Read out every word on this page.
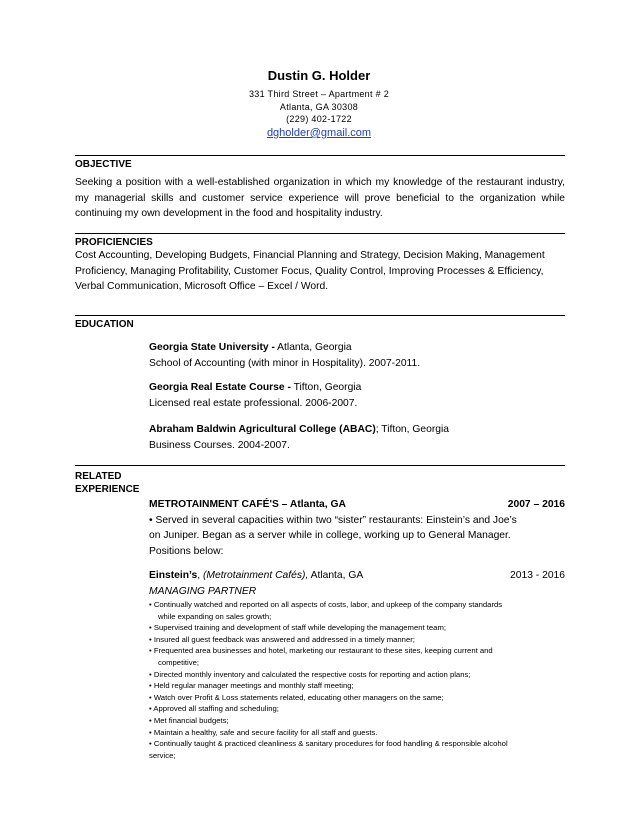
Dustin G. Holder
331 Third Street – Apartment # 2
Atlanta, GA 30308
(229) 402-1722
dgholder@gmail.com
OBJECTIVE
Seeking a position with a well-established organization in which my knowledge of the restaurant industry, my managerial skills and customer service experience will prove beneficial to the organization while continuing my own development in the food and hospitality industry.
PROFICIENCIES
Cost Accounting, Developing Budgets, Financial Planning and Strategy, Decision Making, Management Proficiency, Managing Profitability, Customer Focus, Quality Control, Improving Processes & Efficiency, Verbal Communication, Microsoft Office – Excel / Word.
EDUCATION
Georgia State University - Atlanta, Georgia
School of Accounting (with minor in Hospitality). 2007-2011.
Georgia Real Estate Course - Tifton, Georgia
Licensed real estate professional. 2006-2007.
Abraham Baldwin Agricultural College (ABAC); Tifton, Georgia
Business Courses. 2004-2007.
RELATED
EXPERIENCE
METROTAINMENT CAFÉ'S – Atlanta, GA	2007 – 2016
• Served in several capacities within two “sister” restaurants: Einstein’s and Joe’s
on Juniper. Began as a server while in college, working up to General Manager.
Positions below:
Einstein’s, (Metrotainment Cafés), Atlanta, GA	2013 - 2016
MANAGING PARTNER
• Continually watched and reported on all aspects of costs, labor, and upkeep of the company standards
while expanding on sales growth;
• Supervised training and development of staff while developing the management team;
• Insured all guest feedback was answered and addressed in a timely manner;
• Frequented area businesses and hotel, marketing our restaurant to these sites, keeping current and
competitive;
• Directed monthly inventory and calculated the respective costs for reporting and action plans;
• Held regular manager meetings and monthly staff meeting;
• Watch over Profit & Loss statements related, educating other managers on the same;
• Approved all staffing and scheduling;
• Met financial budgets;
• Maintain a healthy, safe and secure facility for all staff and guests.
• Continually taught & practiced cleanliness & sanitary procedures for food handling & responsible alcohol
service;
